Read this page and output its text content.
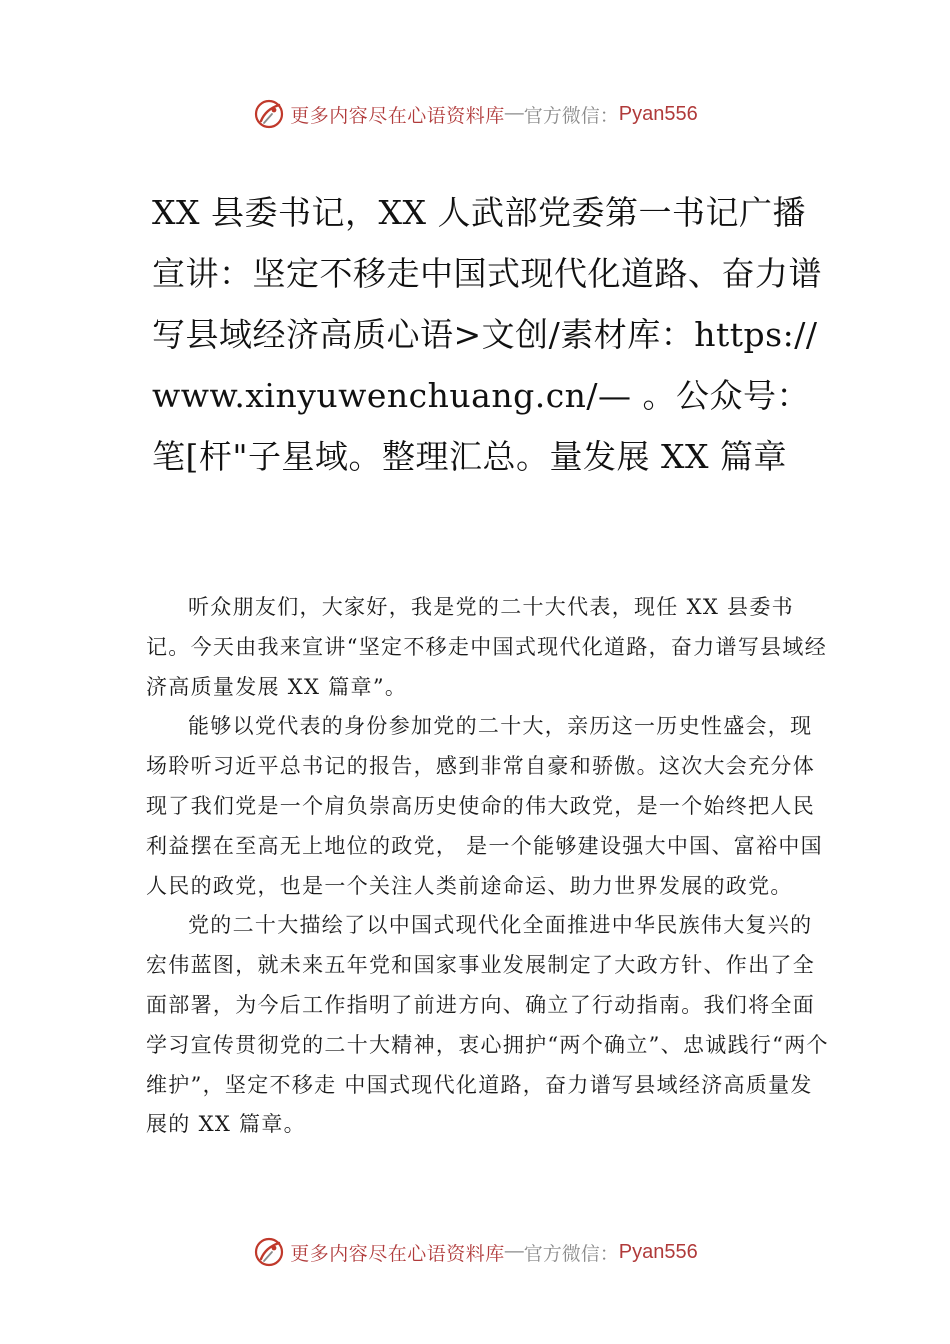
更多内容尽在心语资料库 — 官方微信： Pyan556
XX 县委书记，XX 人武部党委第一书记广播宣讲：坚定不移走中国式现代化道路、奋力谱写县域经济高质心语>文创/素材库：https://www.xinyuwenchuang.cn/— 。公众号：笔[杆"子星域。整理汇总。量发展 XX 篇章

听众朋友们，大家好，我是党的二十大代表，现任 XX 县委书记。今天由我来宣讲“坚定不移走中国式现代化道路，奋力谱写县域经济高质量发展 XX 篇章”。

能够以党代表的身份参加党的二十大，亲历这一历史性盛会，现场聆听习近平总书记的报告，感到非常自豪和骄傲。这次大会充分体现了我们党是一个肩负崇高历史使命的伟大政党，是一个始终把人民利益摆在至高无上地位的政党， 是一个能够建设强大中国、富裕中国人民的政党，也是一个关注人类前途命运、助力世界发展的政党。

党的二十大描绘了以中国式现代化全面推进中华民族伟大复兴的宏伟蓝图，就未来五年党和国家事业发展制定了大政方针、作出了全面部署，为今后工作指明了前进方向、确立了行动指南。我们将全面学习宣传贯彻党的二十大精神，衷心拥护“两个确立”、忠诚践行“两个维护”，坚定不移走 中国式现代化道路，奋力谱写县域经济高质量发展的 XX 篇章。

更多内容尽在心语资料库 — 官方微信： Pyan556
